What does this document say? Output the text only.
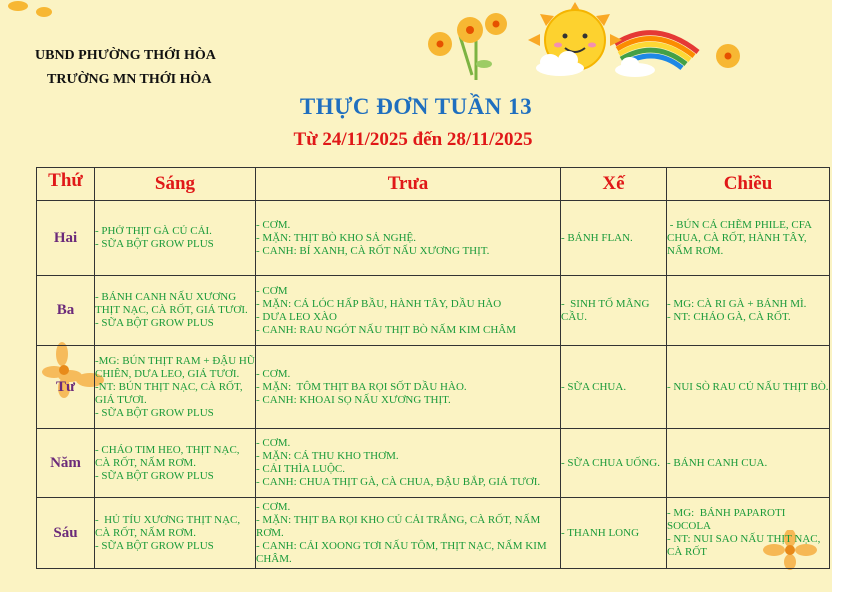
UBND PHƯỜNG THỚI HÒA
TRƯỜNG MN THỚI HÒA
THỰC ĐƠN TUẦN 13
Từ 24/11/2025 đến 28/11/2025
Thứ	Sáng	Trưa	Xế	Chiều
Hai	- PHỞ THỊT GÀ CỦ CẢI.
- SỮA BỘT GROW PLUS	- CƠM.
- MẶN: THỊT BÒ KHO SẢ NGHỆ.
- CANH: BÍ XANH, CÀ RỐT NẤU XƯƠNG THỊT.	- BÁNH FLAN.	- BÚN CÁ CHẼM PHILE, CFA CHUA, CÀ RỐT, HÀNH TÂY, NẤM RƠM.

Ba	- BÁNH CANH NẤU XƯƠNG THỊT NẠC, CÀ RỐT, GIÁ TƯƠI.
- SỮA BỘT GROW PLUS	- CƠM
- MẶN: CÁ LÓC HẤP BẦU, HÀNH TÂY, DẦU HÀO
- DƯA LEO XÀO
- CANH: RAU NGÓT NẤU THỊT BÒ NẤM KIM CHÂM	-  SINH TỐ MÃNG CẦU.	- MG: CÀ RI GÀ + BÁNH MÌ.
- NT: CHÁO GÀ, CÀ RỐT.

Tư	-MG: BÚN THỊT RAM + ĐẬU HŨ CHIÊN, DƯA LEO, GIÁ TƯƠI.
-NT: BÚN THỊT NẠC, CÀ RỐT, GIÁ TƯƠI.
- SỮA BỘT GROW PLUS	- CƠM.
- MẶN:  TÔM THỊT BA RỌI SỐT DẦU HÀO.
- CANH: KHOAI SỌ NẤU XƯƠNG THỊT.	- SỮA CHUA.	- NUI SÒ RAU CỦ NẤU THỊT BÒ.

Năm	- CHÁO TIM HEO, THỊT NẠC, CÀ RỐT, NẤM RƠM.
- SỮA BỘT GROW PLUS	- CƠM.
- MẶN: CÁ THU KHO THƠM.
- CẢI THÌA LUỘC.
- CANH: CHUA THỊT GÀ, CÀ CHUA, ĐẬU BẮP, GIÁ TƯƠI.	- SỮA CHUA UỐNG.	- BÁNH CANH CUA.

Sáu	-  HỦ TÍU XƯƠNG THỊT NẠC, CÀ RỐT, NẤM RƠM.
- SỮA BỘT GROW PLUS	- CƠM.
- MẶN: THỊT BA RỌI KHO CỦ CẢI TRẮNG, CÀ RỐT, NẤM RƠM.
- CANH: CẢI XOONG TƠI NẤU TÔM, THỊT NẠC, NẤM KIM CHÂM.	- THANH LONG	- MG:  BÁNH PAPAROTI SOCOLA
- NT: NUI SAO NẤU THỊT NẠC, CÀ RỐT
